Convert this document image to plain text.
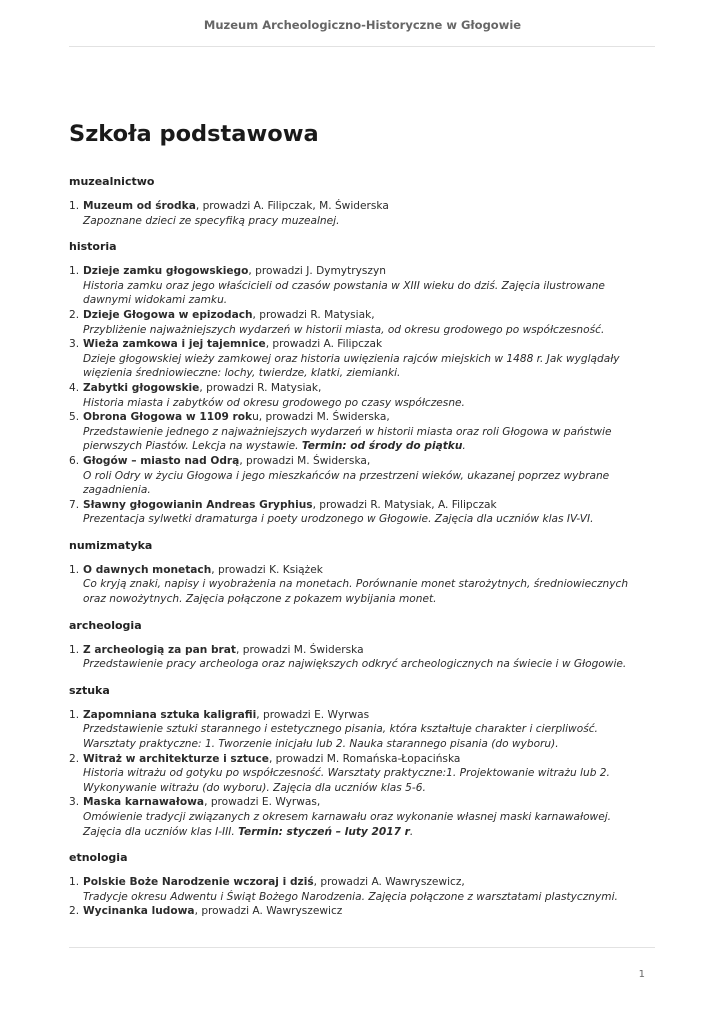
Muzeum Archeologiczno-Historyczne w Głogowie
Szkoła podstawowa
muzealnictwo
1. Muzeum od środka, prowadzi A. Filipczak, M. Świderska
Zapoznane dzieci ze specyfiką pracy muzealnej.
historia
1. Dzieje zamku głogowskiego, prowadzi J. Dymytryszyn
Historia zamku oraz jego właścicieli od czasów powstania w XIII wieku do dziś. Zajęcia ilustrowane dawnymi widokami zamku.
2. Dzieje Głogowa w epizodach, prowadzi R. Matysiak,
Przybliżenie najważniejszych wydarzeń w historii miasta, od okresu grodowego po współczesność.
3. Wieża zamkowa i jej tajemnice, prowadzi A. Filipczak
Dzieje głogowskiej wieży zamkowej oraz historia uwięzienia rajców miejskich w 1488 r. Jak wyglądały więzienia średniowieczne: lochy, twierdze, klatki, ziemianki.
4. Zabytki głogowskie, prowadzi R. Matysiak,
Historia miasta i zabytków od okresu grodowego po czasy współczesne.
5. Obrona Głogowa w 1109 roku, prowadzi M. Świderska,
Przedstawienie jednego z najważniejszych wydarzeń w historii miasta oraz roli Głogowa w państwie pierwszych Piastów. Lekcja na wystawie. Termin: od środy do piątku.
6. Głogów – miasto nad Odrą, prowadzi M. Świderska,
O roli Odry w życiu Głogowa i jego mieszkańców na przestrzeni wieków, ukazanej poprzez wybrane zagadnienia.
7. Sławny głogowianin Andreas Gryphius, prowadzi R. Matysiak, A. Filipczak
Prezentacja sylwetki dramaturga i poety urodzonego w Głogowie. Zajęcia dla uczniów klas IV-VI.
numizmatyka
1. O dawnych monetach, prowadzi K. Książek
Co kryją znaki, napisy i wyobrażenia na monetach. Porównanie monet starożytnych, średniowiecznych oraz nowożytnych. Zajęcia połączone z pokazem wybijania monet.
archeologia
1. Z archeologią za pan brat, prowadzi M. Świderska
Przedstawienie pracy archeologa oraz największych odkryć archeologicznych na świecie i w Głogowie.
sztuka
1. Zapomniana sztuka kaligrafii, prowadzi E. Wyrwas
Przedstawienie sztuki starannego i estetycznego pisania, która kształtuje charakter i cierpliwość. Warsztaty praktyczne: 1. Tworzenie inicjału lub 2. Nauka starannego pisania (do wyboru).
2. Witraż w architekturze i sztuce, prowadzi M. Romańska-Łopacińska
Historia witrażu od gotyku po współczesność. Warsztaty praktyczne:1. Projektowanie witrażu lub 2. Wykonywanie witrażu (do wyboru). Zajęcia dla uczniów klas 5-6.
3. Maska karnawałowa, prowadzi E. Wyrwas,
Omówienie tradycji związanych z okresem karnawału oraz wykonanie własnej maski karnawałowej. Zajęcia dla uczniów klas I-III. Termin: styczeń – luty 2017 r.
etnologia
1. Polskie Boże Narodzenie wczoraj i dziś, prowadzi A. Wawryszewicz,
Tradycje okresu Adwentu i Świąt Bożego Narodzenia. Zajęcia połączone z warsztatami plastycznymi.
2. Wycinanka ludowa, prowadzi A. Wawryszewicz
1
